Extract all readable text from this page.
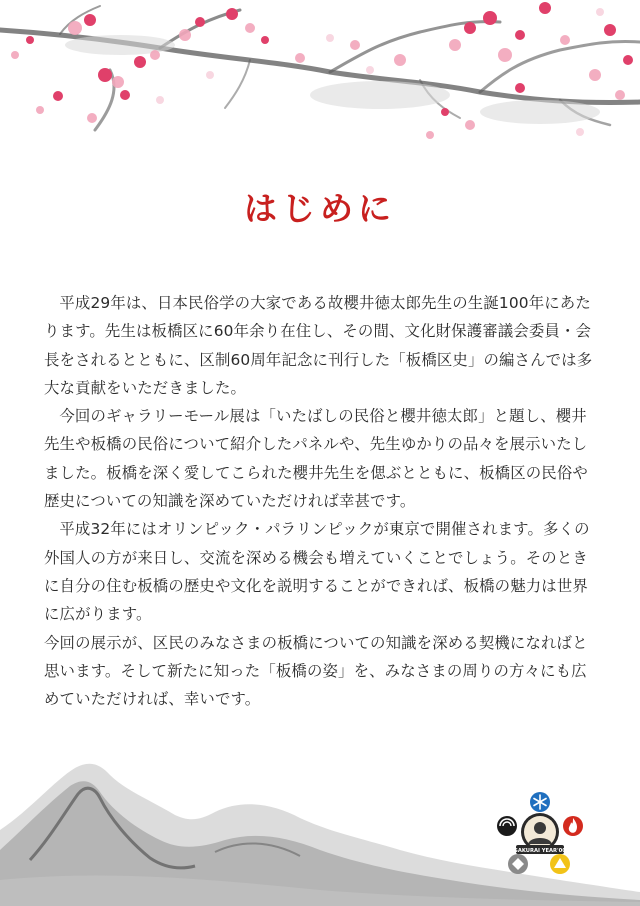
はじめに

平成29年は、日本民俗学の大家である故櫻井徳太郎先生の生誕100年にあたります。先生は板橋区に60年余り在住し、その間、文化財保護審議会委員・会長をされるとともに、区制60周年記念に刊行した「板橋区史」の編さんでは多大な貢献をいただきました。

今回のギャラリーモール展は「いたばしの民俗と櫻井徳太郎」と題し、櫻井先生や板橋の民俗について紹介したパネルや、先生ゆかりの品々を展示いたしました。板橋を深く愛してこられた櫻井先生を偲ぶとともに、板橋区の民俗や歴史についての知識を深めていただければ幸甚です。

平成32年にはオリンピック・パラリンピックが東京で開催されます。多くの外国人の方が来日し、交流を深める機会も増えていくことでしょう。そのときに自分の住む板橋の歴史や文化を説明することができれば、板橋の魅力は世界に広がります。

今回の展示が、区民のみなさまの板橋についての知識を深める契機になればと思います。そして新たに知った「板橋の姿」を、みなさまの周りの方々にも広めていただければ、幸いです。

SAKURAI YEAR'00
